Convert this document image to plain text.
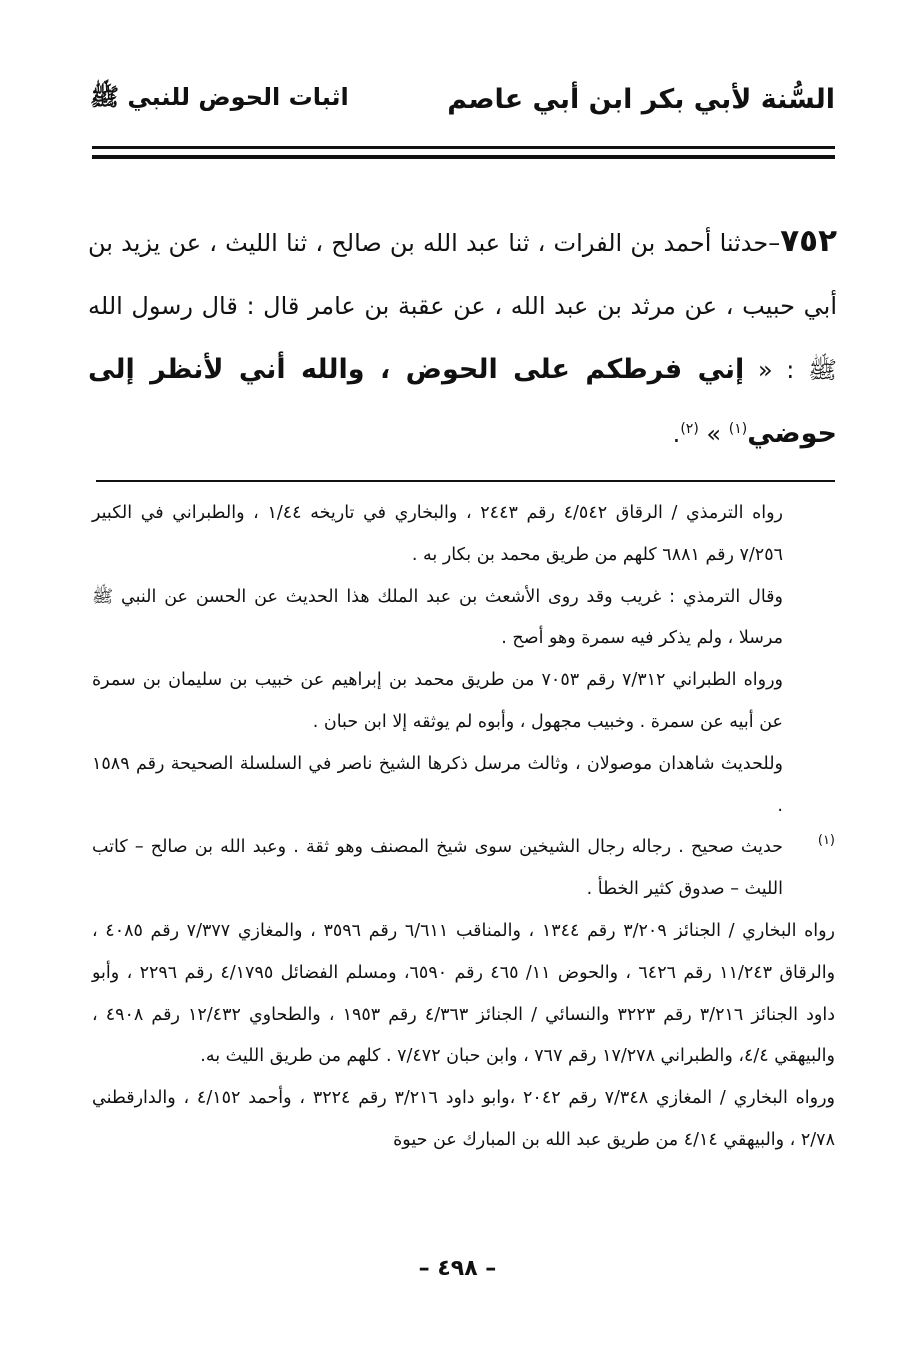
السُّنة لأبي بكر ابن أبي عاصم
اثبات الحوض للنبي ﷺ
٧٥٢–حدثنا أحمد بن الفرات ، ثنا عبد الله بن صالح ، ثنا الليث ، عن يزيد بن أبي حبيب ، عن مرثد بن عبد الله ، عن عقبة بن عامر قال : قال رسول الله ﷺ : « إني فرطكم على الحوض ، والله أني لأنظر إلى حوضي$^{(١)}$ » $^{(٢)}$.

رواه الترمذي / الرقاق ٤/٥٤٢ رقم ٢٤٤٣ ، والبخاري في تاريخه ١/٤٤ ، والطبراني في الكبير ٧/٢٥٦ رقم ٦٨٨١ كلهم من طريق محمد بن بكار به .

وقال الترمذي : غريب وقد روى الأشعث بن عبد الملك هذا الحديث عن الحسن عن النبي ﷺ مرسلا ، ولم يذكر فيه سمرة وهو أصح .

ورواه الطبراني ٧/٣١٢ رقم ٧٠٥٣ من طريق محمد بن إبراهيم عن خبيب بن سليمان بن سمرة عن أبيه عن سمرة . وخبيب مجهول ، وأبوه لم يوثقه إلا ابن حبان .

وللحديث شاهدان موصولان ، وثالث مرسل ذكرها الشيخ ناصر في السلسلة الصحيحة رقم ١٥٨٩ .

(١)

حديث صحيح . رجاله رجال الشيخين سوى شيخ المصنف وهو ثقة . وعبد الله بن صالح – كاتب الليث – صدوق كثير الخطأ .

رواه البخاري / الجنائز ٣/٢٠٩ رقم ١٣٤٤ ، والمناقب ٦/٦١١ رقم ٣٥٩٦ ، والمغازي ٧/٣٧٧ رقم ٤٠٨٥ ، والرقاق ١١/٢٤٣ رقم ٦٤٢٦ ، والحوض ١١/ ٤٦٥ رقم ٦٥٩٠، ومسلم الفضائل ٤/١٧٩٥ رقم ٢٢٩٦ ، وأبو داود الجنائز ٣/٢١٦ رقم ٣٢٢٣ والنسائي / الجنائز ٤/٣٦٣ رقم ١٩٥٣ ، والطحاوي ١٢/٤٣٢ رقم ٤٩٠٨ ، والبيهقي ٤/٤، والطبراني ١٧/٢٧٨ رقم ٧٦٧ ، وابن حبان ٧/٤٧٢ . كلهم من طريق الليث به.

ورواه البخاري / المغازي ٧/٣٤٨ رقم ٢٠٤٢ ،وابو داود ٣/٢١٦ رقم ٣٢٢٤ ، وأحمد ٤/١٥٢ ، والدارقطني ٢/٧٨ ، والبيهقي ٤/١٤ من طريق عبد الله بن المبارك عن حيوة

– ٤٩٨ –
